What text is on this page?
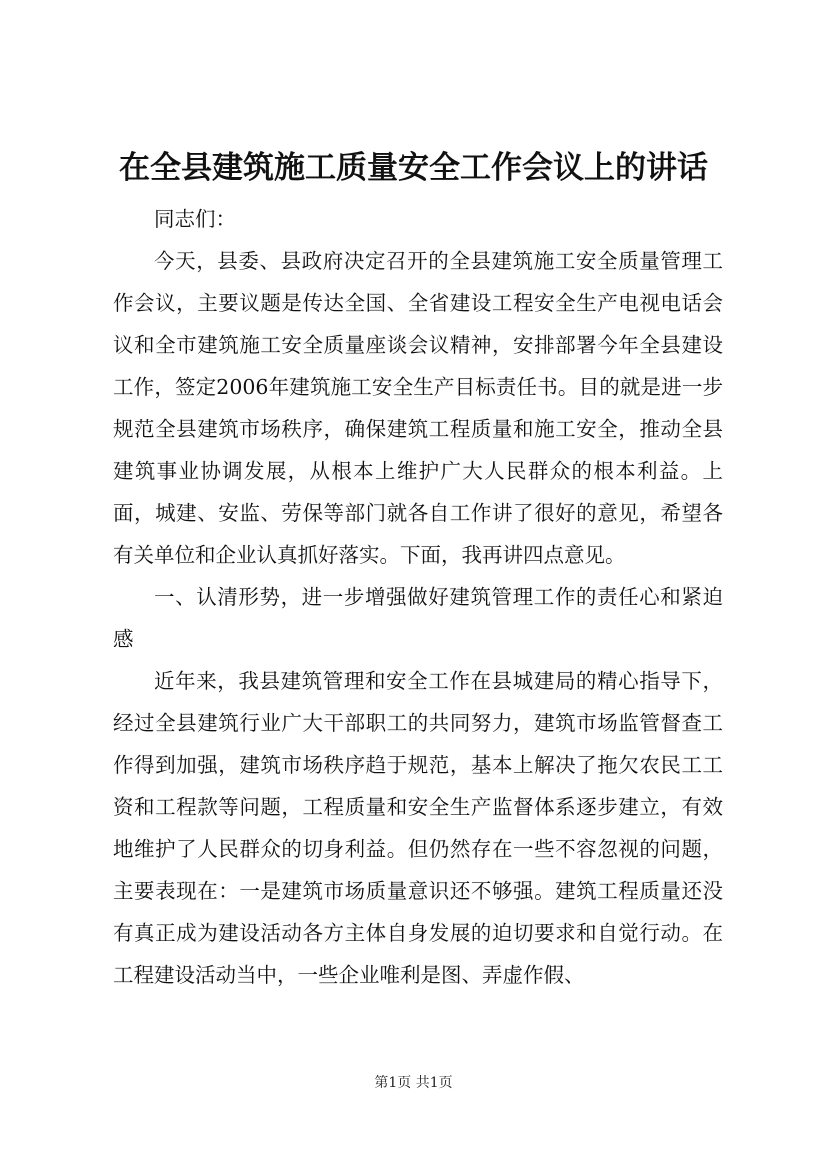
在全县建筑施工质量安全工作会议上的讲话

同志们：

今天，县委、县政府决定召开的全县建筑施工安全质量管理工作会议，主要议题是传达全国、全省建设工程安全生产电视电话会议和全市建筑施工安全质量座谈会议精神，安排部署今年全县建设工作，签定2006年建筑施工安全生产目标责任书。目的就是进一步规范全县建筑市场秩序，确保建筑工程质量和施工安全，推动全县建筑事业协调发展，从根本上维护广大人民群众的根本利益。上面，城建、安监、劳保等部门就各自工作讲了很好的意见，希望各有关单位和企业认真抓好落实。下面，我再讲四点意见。

一、认清形势，进一步增强做好建筑管理工作的责任心和紧迫感

近年来，我县建筑管理和安全工作在县城建局的精心指导下，经过全县建筑行业广大干部职工的共同努力，建筑市场监管督查工作得到加强，建筑市场秩序趋于规范，基本上解决了拖欠农民工工资和工程款等问题，工程质量和安全生产监督体系逐步建立，有效地维护了人民群众的切身利益。但仍然存在一些不容忽视的问题，主要表现在：一是建筑市场质量意识还不够强。建筑工程质量还没有真正成为建设活动各方主体自身发展的迫切要求和自觉行动。在工程建设活动当中，一些企业唯利是图、弄虚作假、

第1页 共1页
